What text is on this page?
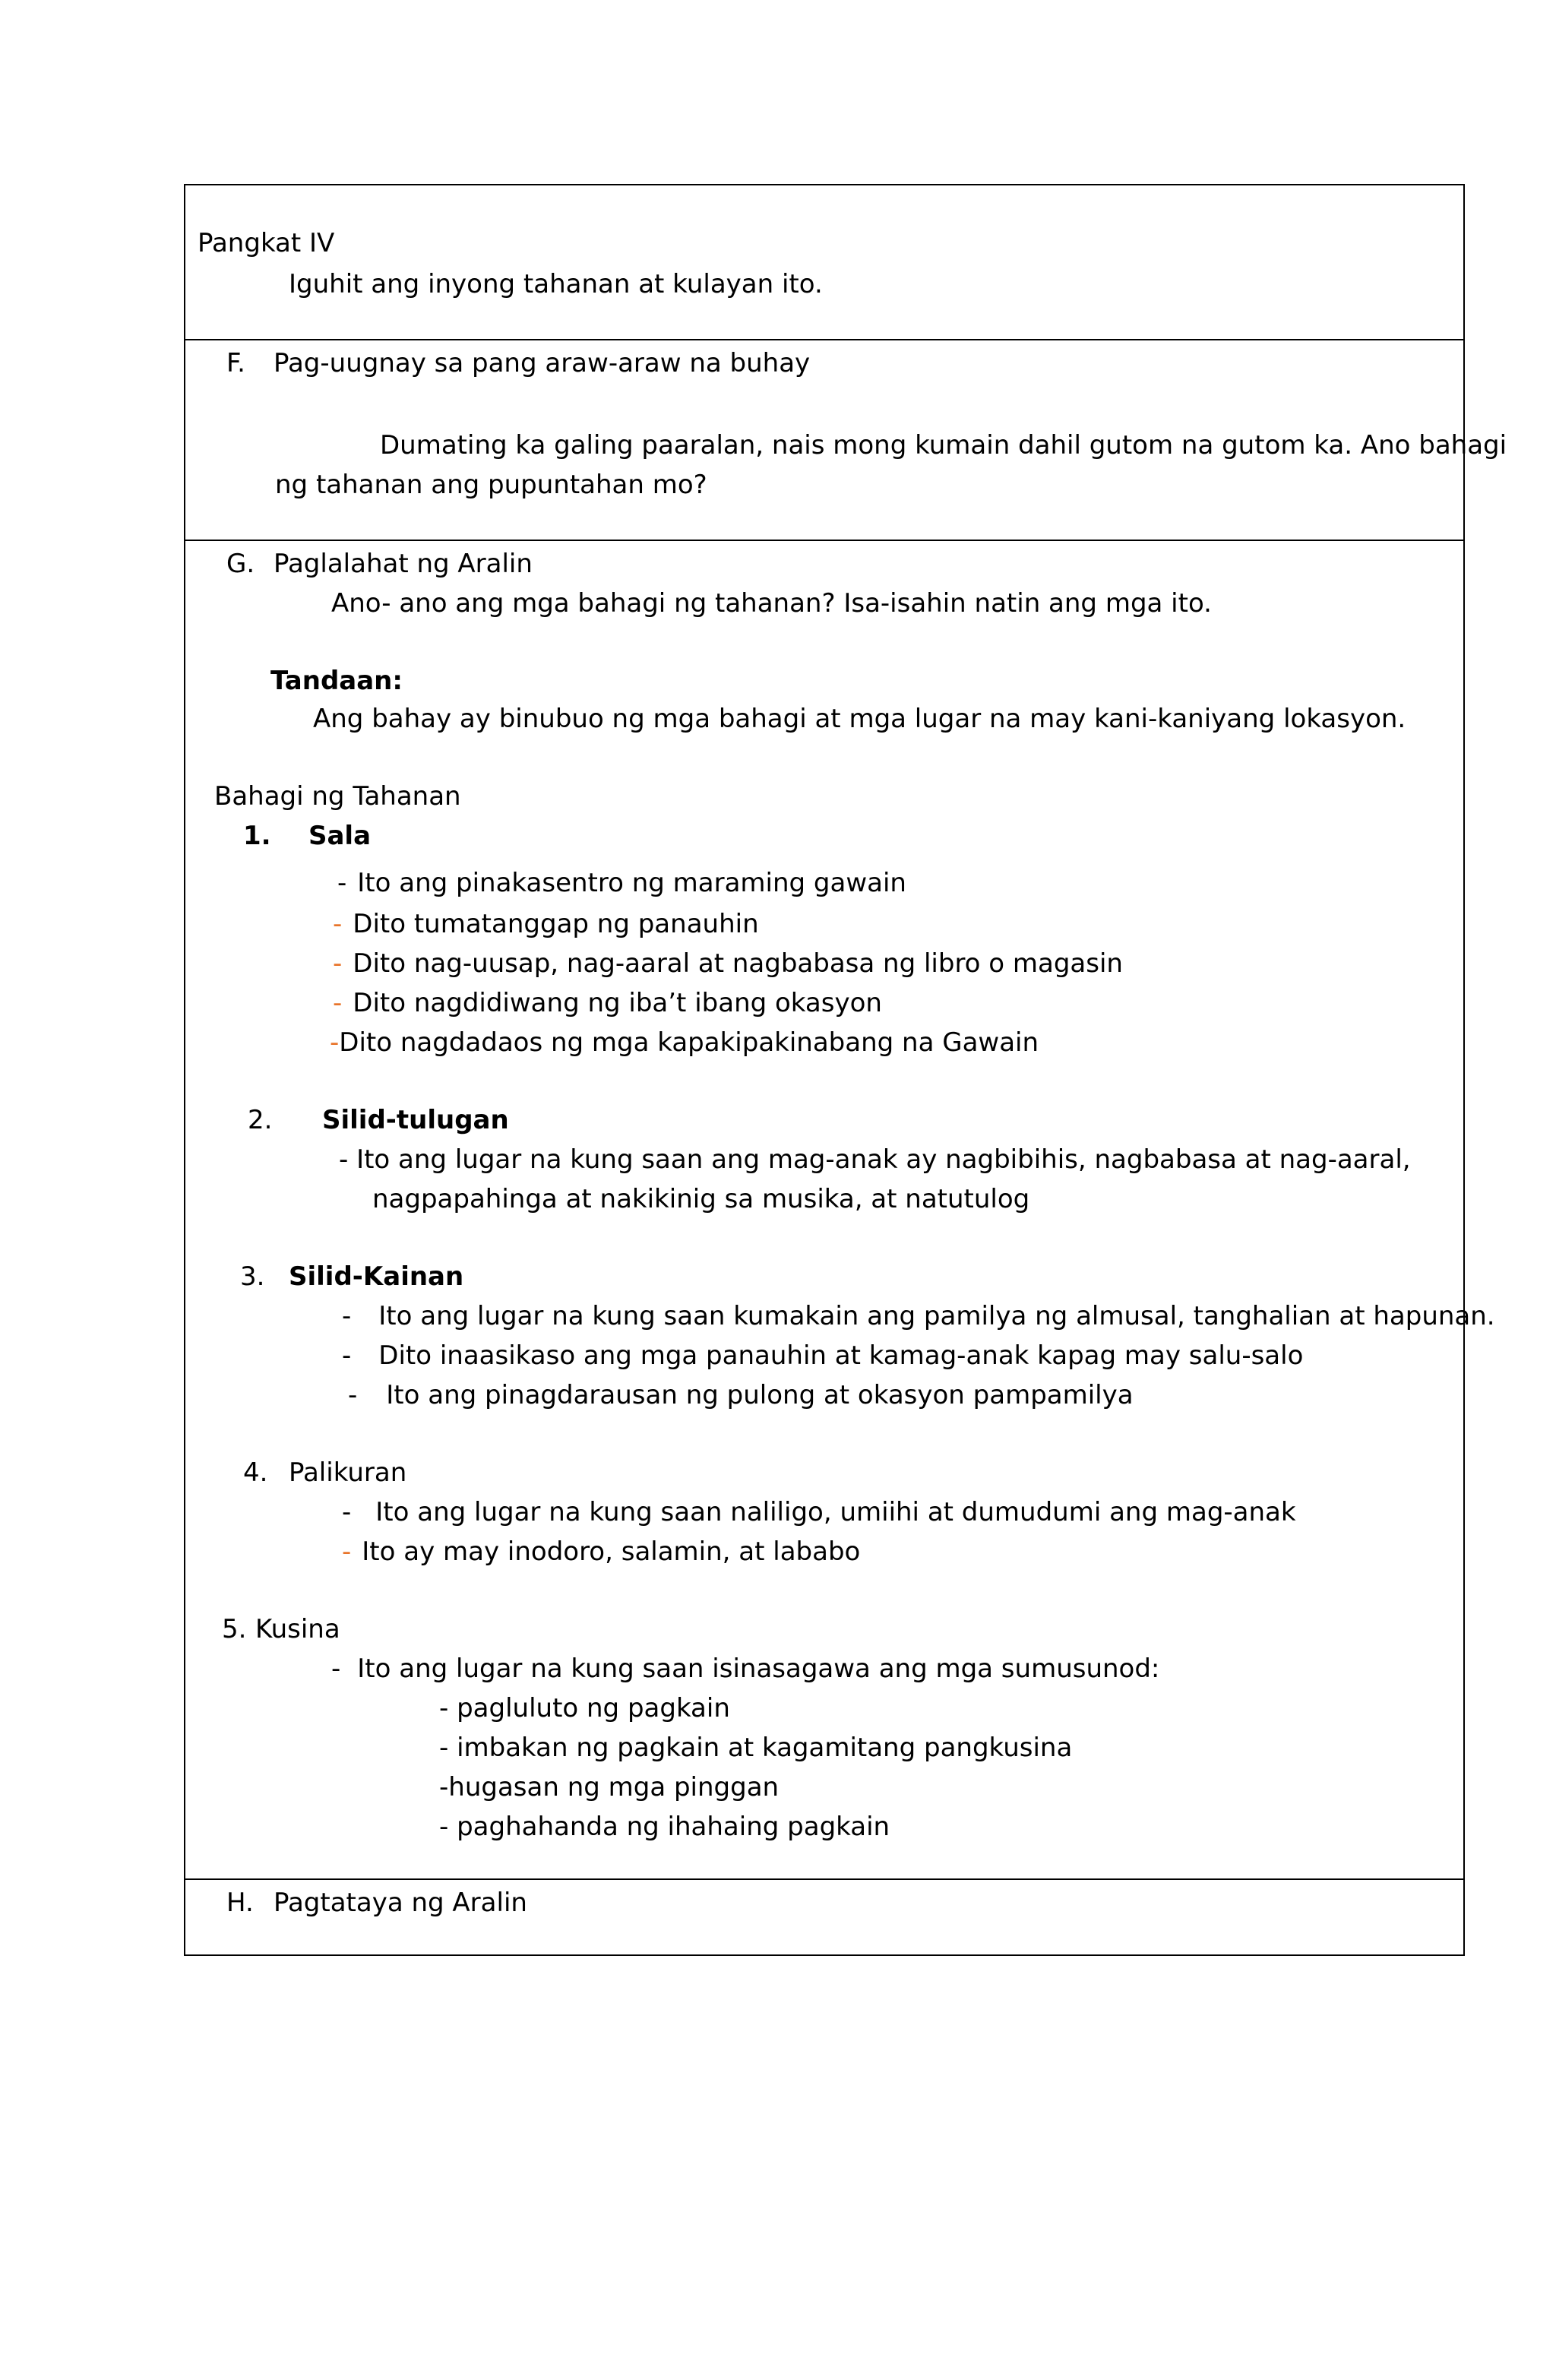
Pangkat IV
Iguhit ang inyong tahanan at kulayan ito.
F. Pag-uugnay sa pang araw-araw na buhay
Dumating ka galing paaralan, nais mong kumain dahil gutom na gutom ka. Ano bahagi
ng tahanan ang pupuntahan mo?
G. Paglalahat ng Aralin
Ano- ano ang mga bahagi ng tahanan? Isa-isahin natin ang mga ito.
Tandaan:
Ang bahay ay binubuo ng mga bahagi at mga lugar na may kani-kaniyang lokasyon.
Bahagi ng Tahanan
1. Sala
- Ito ang pinakasentro ng maraming gawain
- Dito tumatanggap ng panauhin
- Dito nag-uusap, nag-aaral at nagbabasa ng libro o magasin
- Dito nagdidiwang ng iba’t ibang okasyon
-Dito nagdadaos ng mga kapakipakinabang na Gawain
2. Silid-tulugan
- Ito ang lugar na kung saan ang mag-anak ay nagbibihis, nagbabasa at nag-aaral,
nagpapahinga at nakikinig sa musika, at natutulog
3. Silid-Kainan
- Ito ang lugar na kung saan kumakain ang pamilya ng almusal, tanghalian at hapunan.
- Dito inaasikaso ang mga panauhin at kamag-anak kapag may salu-salo
- Ito ang pinagdarausan ng pulong at okasyon pampamilya
4. Palikuran
- Ito ang lugar na kung saan naliligo, umiihi at dumudumi ang mag-anak
- Ito ay may inodoro, salamin, at lababo
5. Kusina
- Ito ang lugar na kung saan isinasagawa ang mga sumusunod:
- pagluluto ng pagkain
- imbakan ng pagkain at kagamitang pangkusina
-hugasan ng mga pinggan
- paghahanda ng ihahaing pagkain
H. Pagtataya ng Aralin
